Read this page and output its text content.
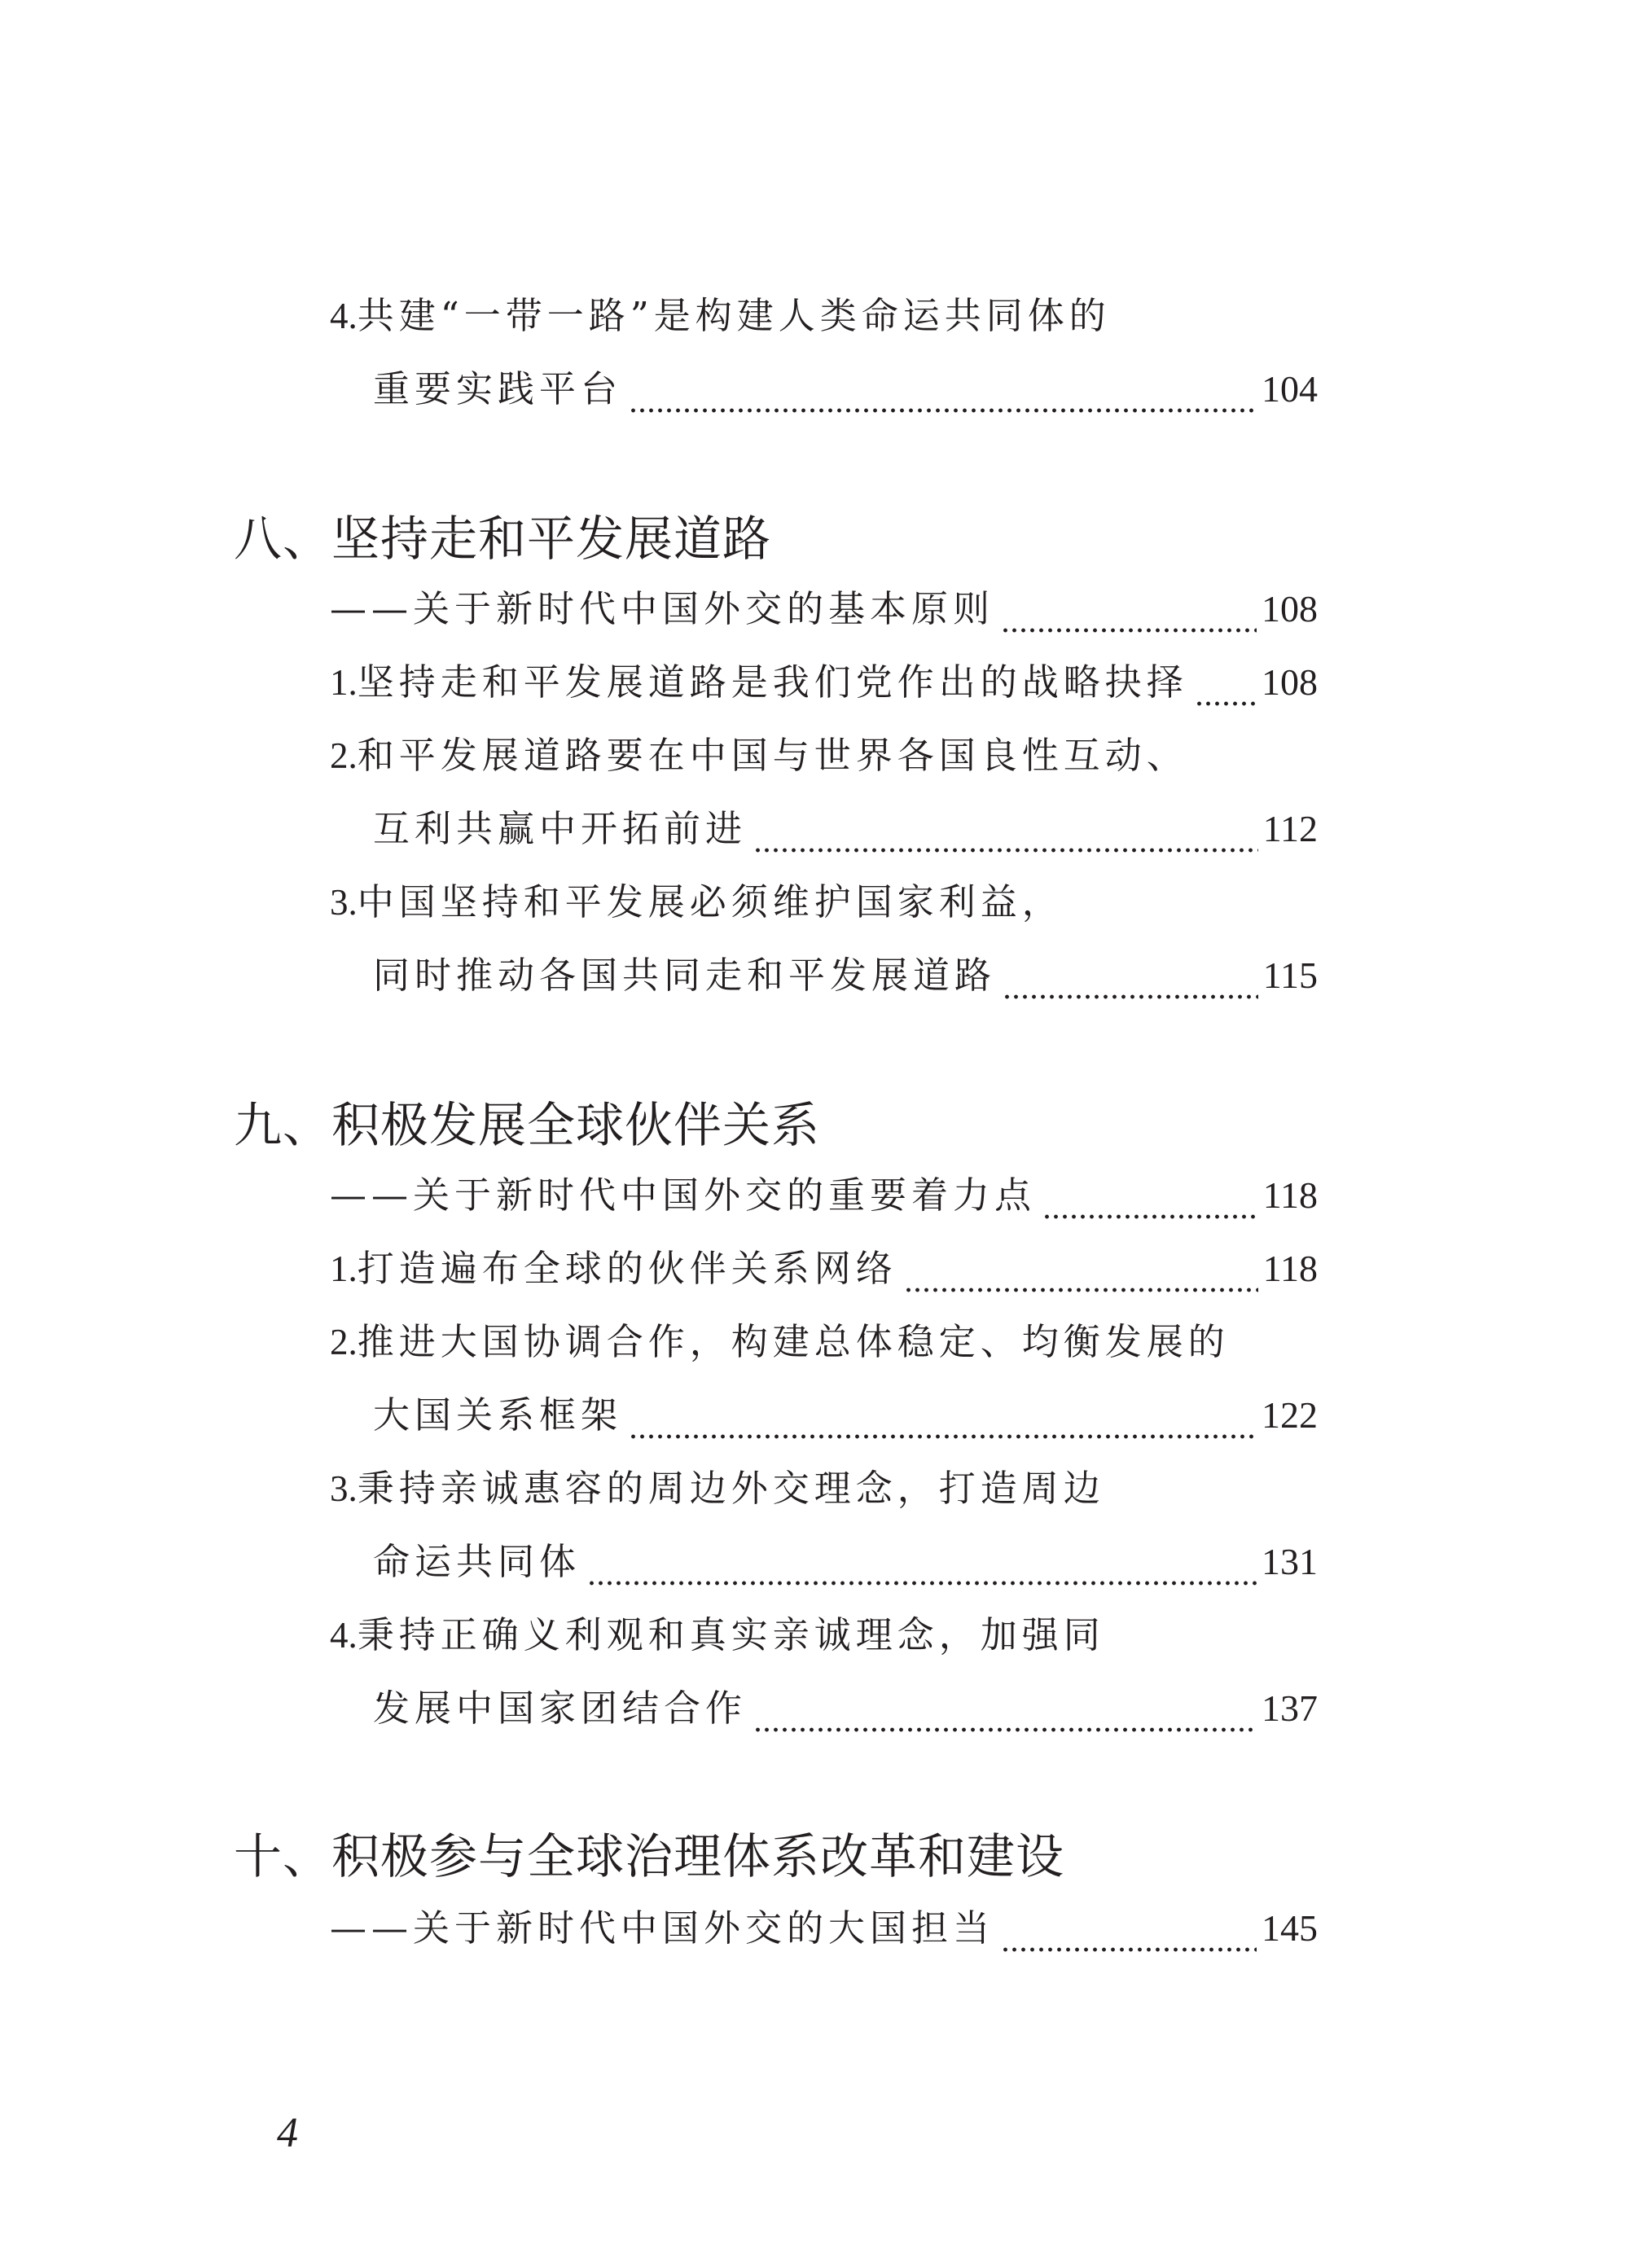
4.共建“一带一路”是构建人类命运共同体的
重要实践平台	104
八、坚持走和平发展道路
——关于新时代中国外交的基本原则	108
1.坚持走和平发展道路是我们党作出的战略抉择 108
2.和平发展道路要在中国与世界各国良性互动、
互利共赢中开拓前进	112
3.中国坚持和平发展必须维护国家利益，
同时推动各国共同走和平发展道路	115
九、积极发展全球伙伴关系
——关于新时代中国外交的重要着力点	118
1.打造遍布全球的伙伴关系网络	118
2.推进大国协调合作，构建总体稳定、均衡发展的
大国关系框架	122
3.秉持亲诚惠容的周边外交理念，打造周边
命运共同体	131
4.秉持正确义利观和真实亲诚理念，加强同
发展中国家团结合作	137
十、积极参与全球治理体系改革和建设
——关于新时代中国外交的大国担当	145
4
